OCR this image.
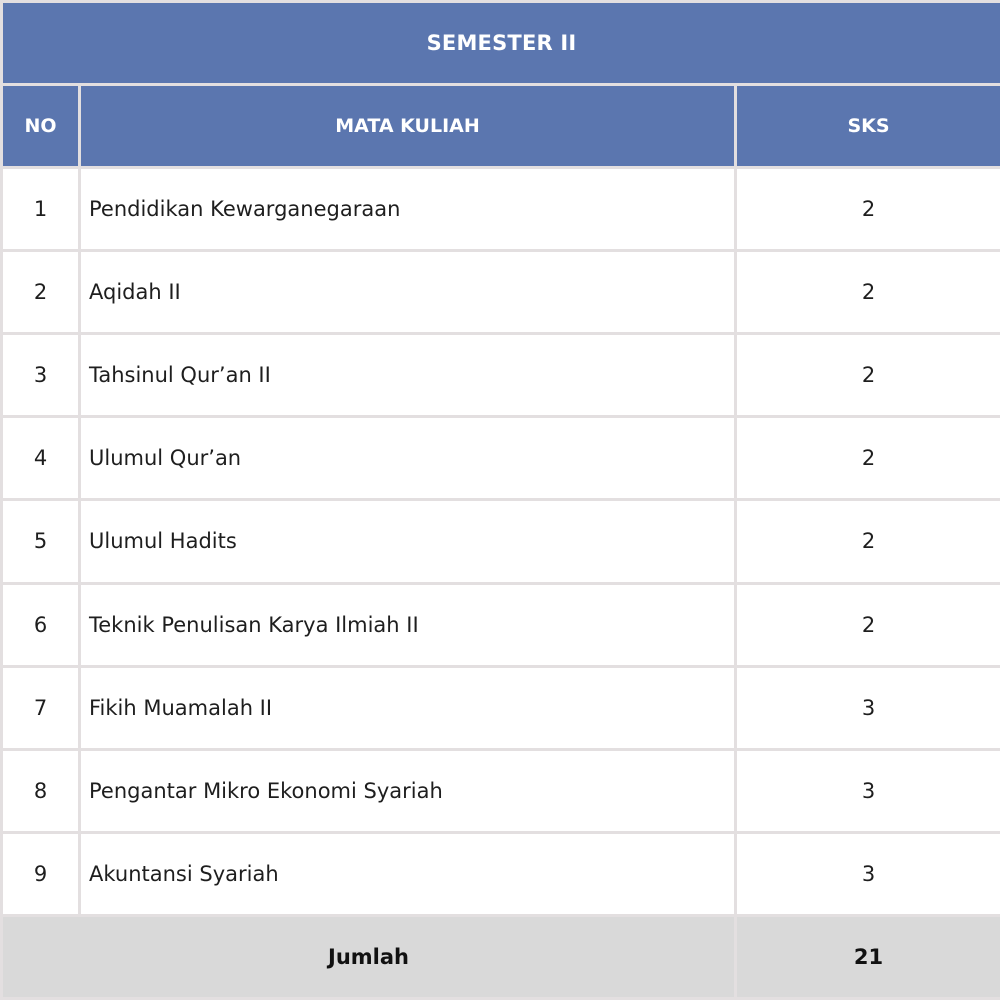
SEMESTER II		
NO	MATA KULIAH	SKS
1	Pendidikan Kewarganegaraan	2
2	Aqidah II	2
3	Tahsinul Qur’an II	2
4	Ulumul Qur’an	2
5	Ulumul Hadits	2
6	Teknik Penulisan Karya Ilmiah II	2
7	Fikih Muamalah II	3
8	Pengantar Mikro Ekonomi Syariah	3
9	Akuntansi Syariah	3
Jumlah		21
